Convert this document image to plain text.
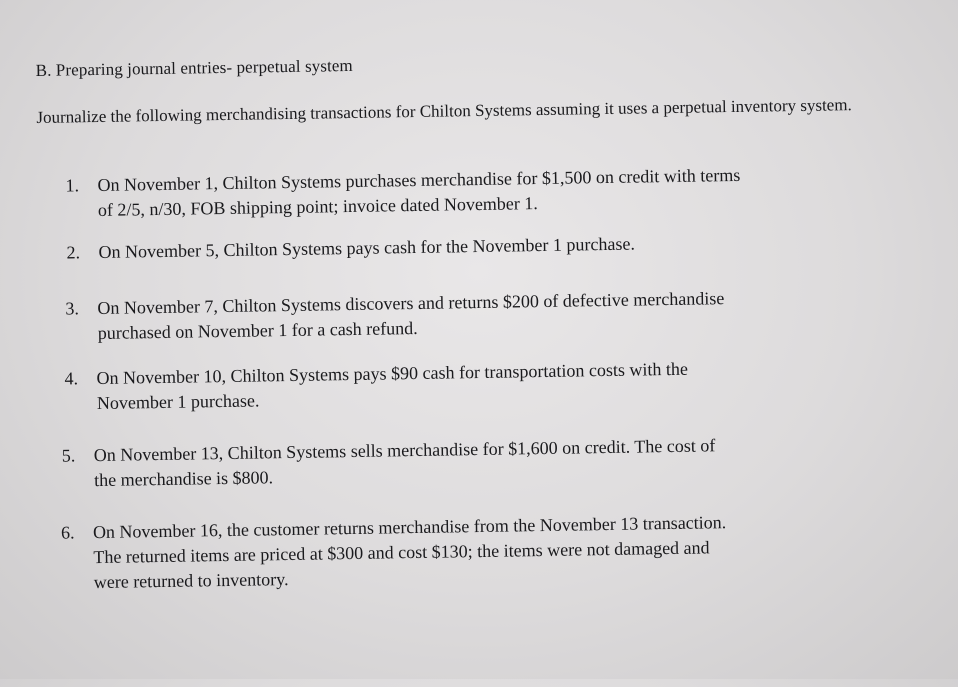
B. Preparing journal entries- perpetual system

Journalize the following merchandising transactions for Chilton Systems assuming it uses a perpetual inventory system.

1.	On November 1, Chilton Systems purchases merchandise for $1,500 on credit with terms
of 2/5, n/30, FOB shipping point; invoice dated November 1.
2.	On November 5, Chilton Systems pays cash for the November 1 purchase.
3.	On November 7, Chilton Systems discovers and returns $200 of defective merchandise
purchased on November 1 for a cash refund.
4.	On November 10, Chilton Systems pays $90 cash for transportation costs with the
November 1 purchase.
5.	On November 13, Chilton Systems sells merchandise for $1,600 on credit. The cost of
the merchandise is $800.
6.	On November 16, the customer returns merchandise from the November 13 transaction.
The returned items are priced at $300 and cost $130; the items were not damaged and
were returned to inventory.
